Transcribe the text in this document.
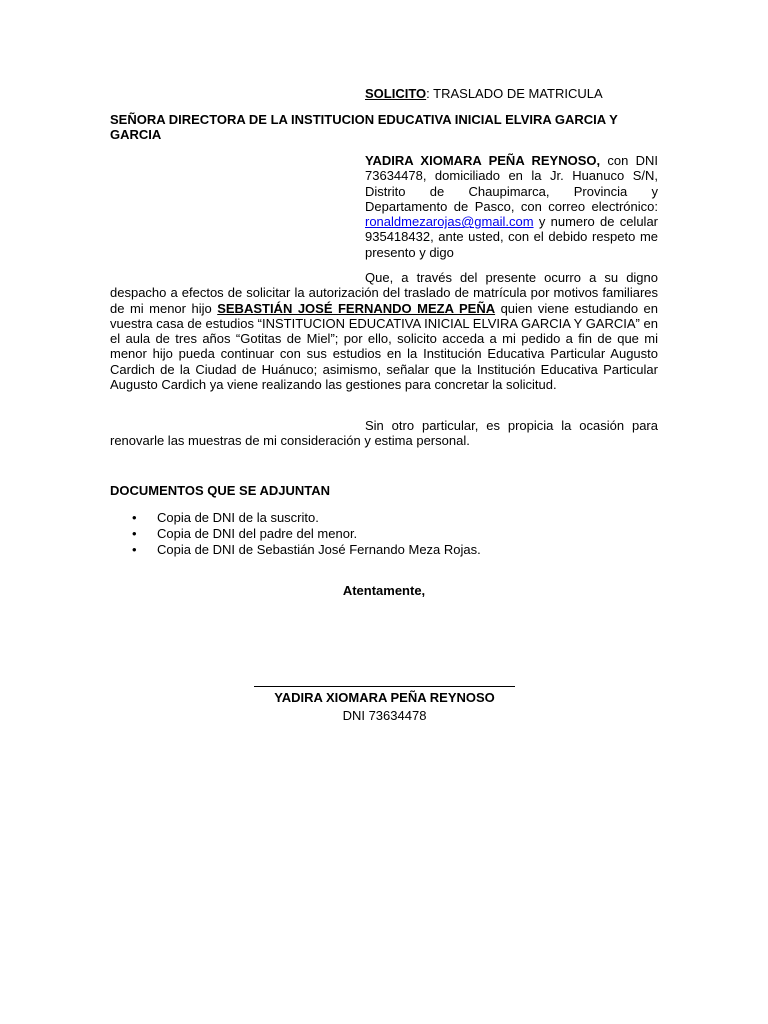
SOLICITO: TRASLADO DE MATRICULA
SEÑORA DIRECTORA DE LA INSTITUCION EDUCATIVA INICIAL ELVIRA GARCIA Y GARCIA
YADIRA XIOMARA PEÑA REYNOSO, con DNI 73634478, domiciliado en la Jr. Huanuco S/N, Distrito de Chaupimarca, Provincia y Departamento de Pasco, con correo electrónico: ronaldmezarojas@gmail.com y numero de celular 935418432, ante usted, con el debido respeto me presento y digo
Que, a través del presente ocurro a su digno despacho a efectos de solicitar la autorización del traslado de matrícula por motivos familiares de mi menor hijo SEBASTIÁN JOSÉ FERNANDO MEZA PEÑA quien viene estudiando en vuestra casa de estudios “INSTITUCION EDUCATIVA INICIAL ELVIRA GARCIA Y GARCIA” en el aula de tres años “Gotitas de Miel”; por ello, solicito acceda a mi pedido a fin de que mi menor hijo pueda continuar con sus estudios en la Institución Educativa Particular Augusto Cardich de la Ciudad de Huánuco; asimismo, señalar que la Institución Educativa Particular Augusto Cardich ya viene realizando las gestiones para concretar la solicitud.
Sin otro particular, es propicia la ocasión para renovarle las muestras de mi consideración y estima personal.
DOCUMENTOS QUE SE ADJUNTAN
• Copia de DNI de la suscrito.
• Copia de DNI del padre del menor.
• Copia de DNI de Sebastián José Fernando Meza Rojas.
Atentamente,
YADIRA XIOMARA PEÑA REYNOSO
DNI 73634478
